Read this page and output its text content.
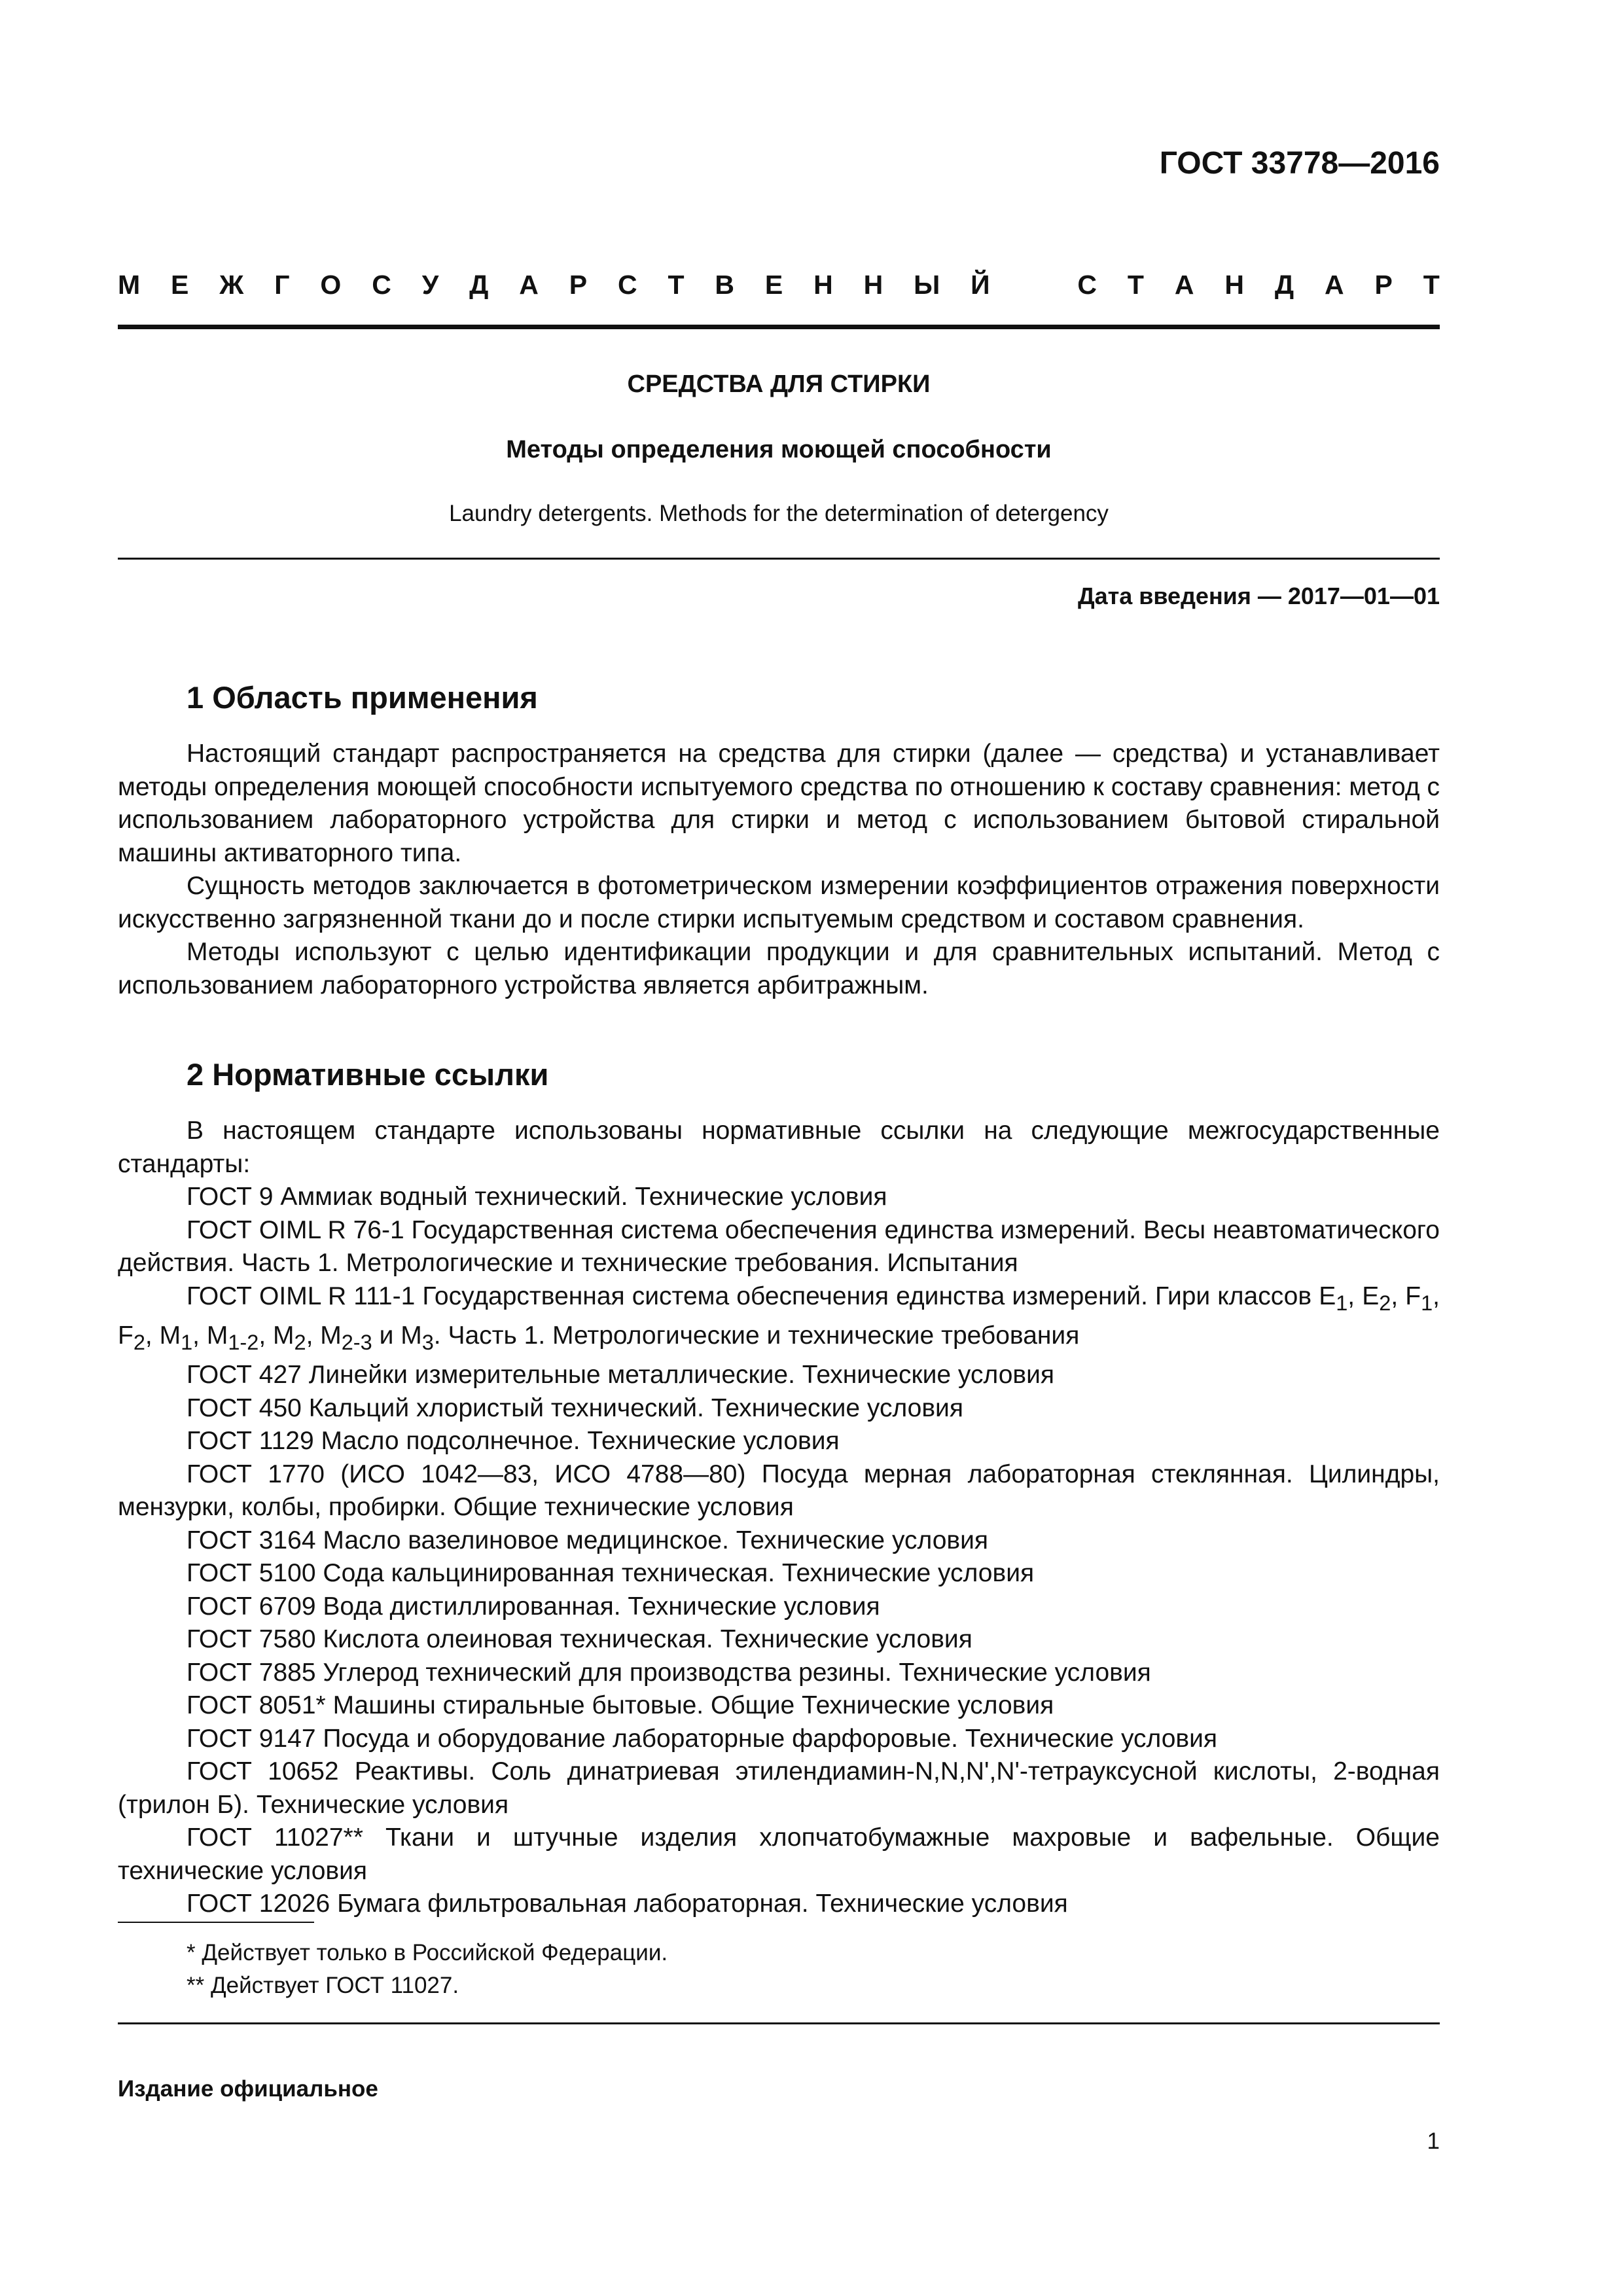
ГОСТ 33778—2016
М Е Ж Г О С У Д А Р С Т В Е Н Н Ы Й	С Т А Н Д А Р Т
СРЕДСТВА ДЛЯ СТИРКИ
Методы определения моющей способности
Laundry detergents. Methods for the determination of detergency
Дата введения — 2017—01—01
1 Область применения

Настоящий стандарт распространяется на средства для стирки (далее — средства) и устанавливает методы определения моющей способности испытуемого средства по отношению к составу сравнения: метод с использованием лабораторного устройства для стирки и метод с использованием бытовой стиральной машины активаторного типа.

Сущность методов заключается в фотометрическом измерении коэффициентов отражения поверхности искусственно загрязненной ткани до и после стирки испытуемым средством и составом сравнения.

Методы используют с целью идентификации продукции и для сравнительных испытаний. Метод с использованием лабораторного устройства является арбитражным.

2 Нормативные ссылки

В настоящем стандарте использованы нормативные ссылки на следующие межгосударственные стандарты:

ГОСТ 9 Аммиак водный технический. Технические условия

ГОСТ OIML R 76-1 Государственная система обеспечения единства измерений. Весы неавтоматического действия. Часть 1. Метрологические и технические требования. Испытания

ГОСТ OIML R 111-1 Государственная система обеспечения единства измерений. Гири классов $E_1$, $E_2$, $F_1$, $F_2$, $M_1$, $M_{1-2}$, $M_2$, $M_{2-3}$ и $M_3$. Часть 1. Метрологические и технические требования

ГОСТ 427 Линейки измерительные металлические. Технические условия

ГОСТ 450 Кальций хлористый технический. Технические условия

ГОСТ 1129 Масло подсолнечное. Технические условия

ГОСТ 1770 (ИСО 1042—83, ИСО 4788—80) Посуда мерная лабораторная стеклянная. Цилиндры, мензурки, колбы, пробирки. Общие технические условия

ГОСТ 3164 Масло вазелиновое медицинское. Технические условия

ГОСТ 5100 Сода кальцинированная техническая. Технические условия

ГОСТ 6709 Вода дистиллированная. Технические условия

ГОСТ 7580 Кислота олеиновая техническая. Технические условия

ГОСТ 7885 Углерод технический для производства резины. Технические условия

ГОСТ 8051* Машины стиральные бытовые. Общие Технические условия

ГОСТ 9147 Посуда и оборудование лабораторные фарфоровые. Технические условия

ГОСТ 10652 Реактивы. Соль динатриевая этилендиамин-N,N,N',N'-тетрауксусной кислоты, 2-водная (трилон Б). Технические условия

ГОСТ 11027** Ткани и штучные изделия хлопчатобумажные махровые и вафельные. Общие технические условия

ГОСТ 12026 Бумага фильтровальная лабораторная. Технические условия

* Действует только в Российской Федерации.
** Действует ГОСТ 11027.
Издание официальное
1
